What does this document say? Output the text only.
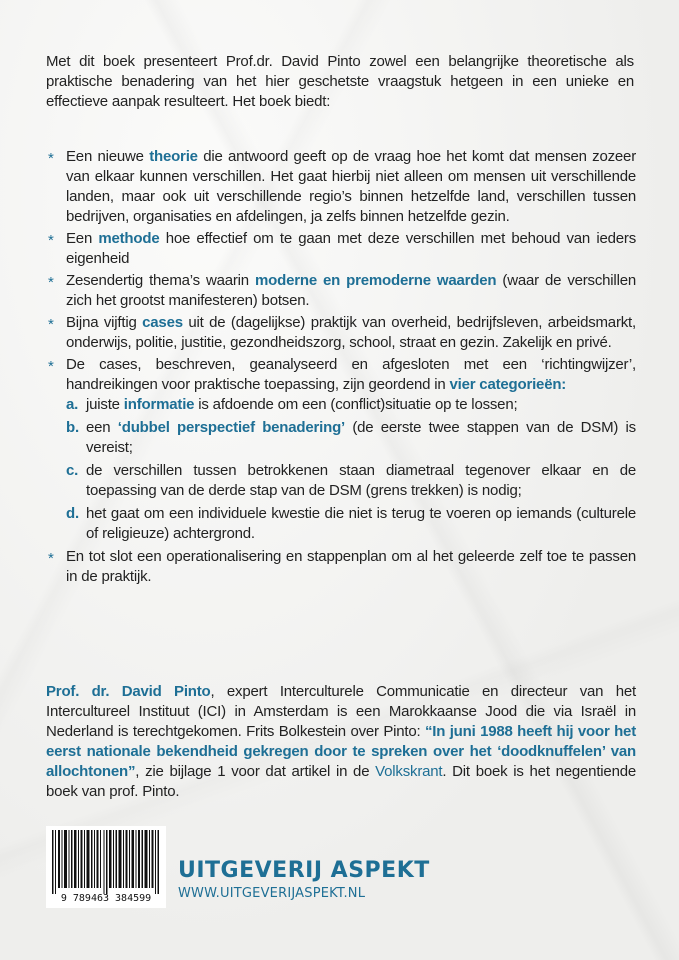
Met dit boek presenteert Prof.dr. David Pinto zowel een belangrijke theoretische als praktische benadering van het hier geschetste vraagstuk hetgeen in een unieke en effectieve aanpak resulteert. Het boek biedt:

* Een nieuwe theorie die antwoord geeft op de vraag hoe het komt dat mensen zozeer van elkaar kunnen verschillen. Het gaat hierbij niet alleen om mensen uit verschillende landen, maar ook uit verschillende regio’s binnen hetzelfde land, verschillen tussen bedrijven, organisaties en afdelingen, ja zelfs binnen hetzelfde gezin.
* Een methode hoe effectief om te gaan met deze verschillen met behoud van ieders eigenheid
* Zesendertig thema’s waarin moderne en premoderne waarden (waar de verschillen zich het grootst manifesteren) botsen.
* Bijna vijftig cases uit de (dagelijkse) praktijk van overheid, bedrijfsleven, arbeidsmarkt, onderwijs, politie, justitie, gezondheidszorg, school, straat en gezin. Zakelijk en privé.
* De cases, beschreven, geanalyseerd en afgesloten met een ‘richtingwijzer’, handreikingen voor praktische toepassing, zijn geordend in vier categorieën:
a. juiste informatie is afdoende om een (conflict)situatie op te lossen;
b. een ‘dubbel perspectief benadering’ (de eerste twee stappen van de DSM) is vereist;
c. de verschillen tussen betrokkenen staan diametraal tegenover elkaar en de toepassing van de derde stap van de DSM (grens trekken) is nodig;
d. het gaat om een individuele kwestie die niet is terug te voeren op iemands (culturele of religieuze) achtergrond.
* En tot slot een operationalisering en stappenplan om al het geleerde zelf toe te passen in de praktijk.

Prof. dr. David Pinto, expert Interculturele Communicatie en directeur van het Intercultureel Instituut (ICI) in Amsterdam is een Marokkaanse Jood die via Israël in Nederland is terechtgekomen. Frits Bolkestein over Pinto: “In juni 1988 heeft hij voor het eerst nationale bekendheid gekregen door te spreken over het ‘doodknuffelen’ van allochtonen”, zie bijlage 1 voor dat artikel in de Volkskrant. Dit boek is het negentiende boek van prof. Pinto.

9 789463 384599
UITGEVERIJ ASPEKT
WWW.UITGEVERIJASPEKT.NL
